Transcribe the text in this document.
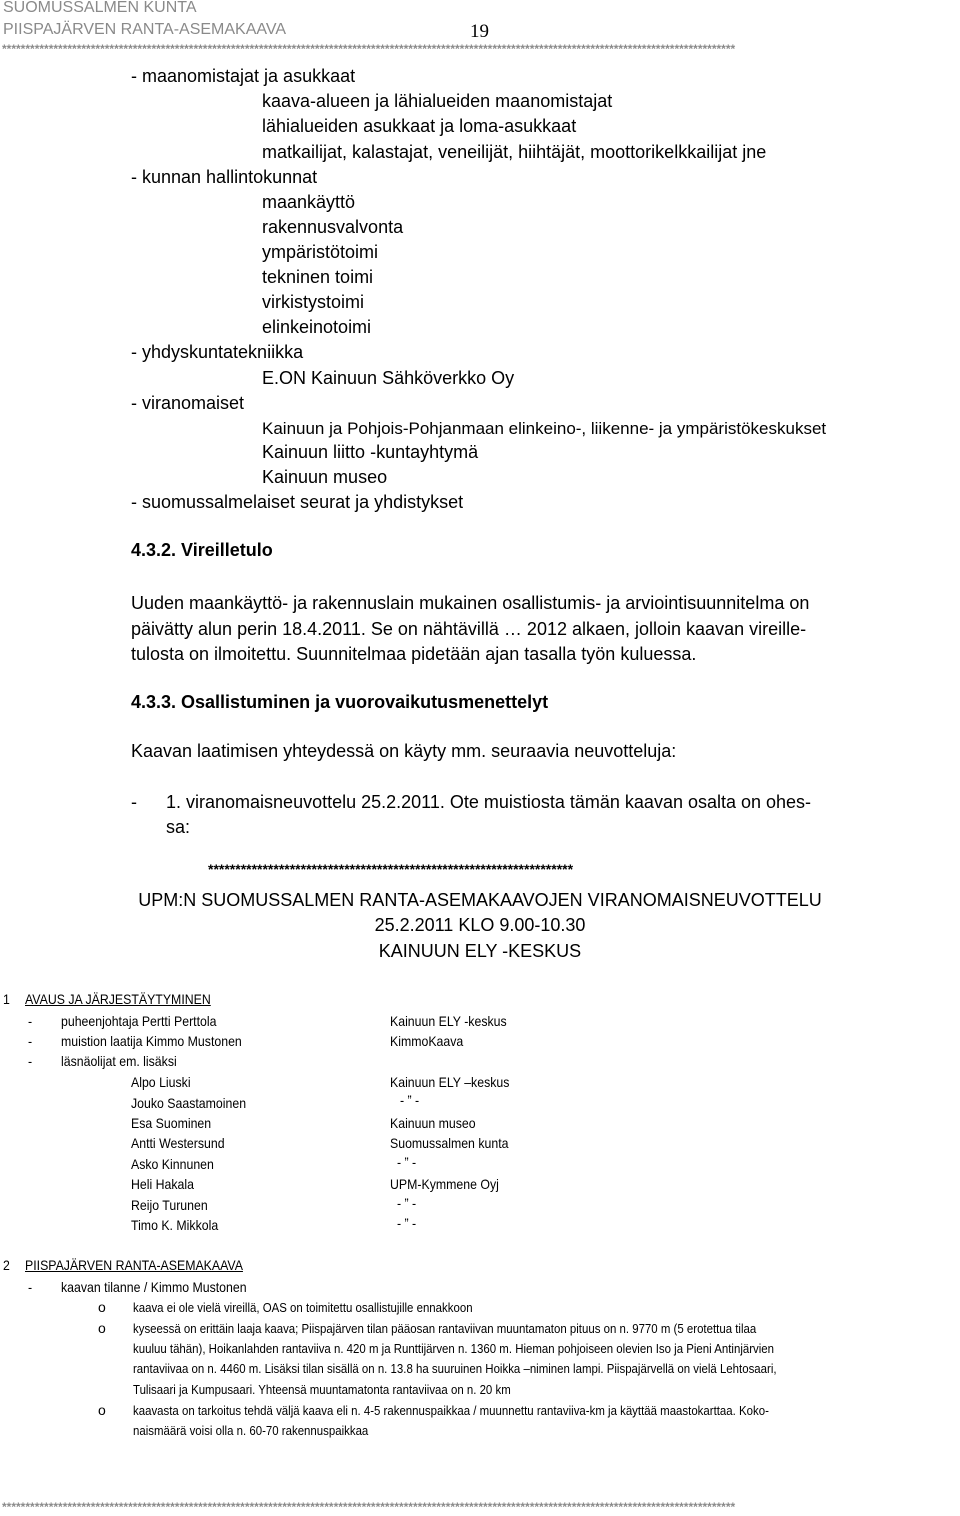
SUOMUSSALMEN KUNTA
PIISPAJÄRVEN RANTA-ASEMAKAAVA	19
*************************************************************************************************************************************************************
- maanomistajat ja asukkaat
kaava-alueen ja lähialueiden maanomistajat
lähialueiden asukkaat ja loma-asukkaat
matkailijat, kalastajat, veneilijät, hiihtäjät, moottorikelkkailijat jne
- kunnan hallintokunnat
maankäyttö
rakennusvalvonta
ympäristötoimi
tekninen toimi
virkistystoimi
elinkeinotoimi
- yhdyskuntatekniikka
E.ON Kainuun Sähköverkko Oy
- viranomaiset
Kainuun ja Pohjois-Pohjanmaan elinkeino-, liikenne- ja ympäristökeskukset
Kainuun liitto -kuntayhtymä
Kainuun museo
- suomussalmelaiset seurat ja yhdistykset
4.3.2. Vireilletulo
Uuden maankäyttö- ja rakennuslain mukainen osallistumis- ja arviointisuunnitelma on
päivätty alun perin 18.4.2011. Se on nähtävillä … 2012 alkaen, jolloin kaavan vireille-
tulosta on ilmoitettu. Suunnitelmaa pidetään ajan tasalla työn kuluessa.
4.3.3. Osallistuminen ja vuorovaikutusmenettelyt
Kaavan laatimisen yhteydessä on käyty mm. seuraavia neuvotteluja:
- 1. viranomaisneuvottelu 25.2.2011. Ote muistiosta tämän kaavan osalta on ohes-
sa:
*******************************************************************
UPM:N SUOMUSSALMEN RANTA-ASEMAKAAVOJEN VIRANOMAISNEUVOTTELU
25.2.2011 KLO 9.00-10.30
KAINUUN ELY -KESKUS
1 AVAUS JA JÄRJESTÄYTYMINEN
- puheenjohtaja Pertti Perttola	Kainuun ELY -keskus
- muistion laatija Kimmo Mustonen	KimmoKaava
- läsnäolijat em. lisäksi
Alpo Liuski	Kainuun ELY –keskus
Jouko Saastamoinen	- ” -
Esa Suominen	Kainuun museo
Antti Westersund	Suomussalmen kunta
Asko Kinnunen	- ” -
Heli Hakala	UPM-Kymmene Oyj
Reijo Turunen	- ” -
Timo K. Mikkola	- ” -
2 PIISPAJÄRVEN RANTA-ASEMAKAAVA
- kaavan tilanne / Kimmo Mustonen
o kaava ei ole vielä vireillä, OAS on toimitettu osallistujille ennakkoon
o kyseessä on erittäin laaja kaava; Piispajärven tilan pääosan rantaviivan muuntamaton pituus on n. 9770 m (5 erotettua tilaa
kuuluu tähän), Hoikanlahden rantaviiva n. 420 m ja Runttijärven n. 1360 m. Hieman pohjoiseen olevien Iso ja Pieni Antinjärvien
rantaviivaa on n. 4460 m. Lisäksi tilan sisällä on n. 13.8 ha suuruinen Hoikka –niminen lampi. Piispajärvellä on vielä Lehtosaari,
Tulisaari ja Kumpusaari. Yhteensä muuntamatonta rantaviivaa on n. 20 km
o kaavasta on tarkoitus tehdä väljä kaava eli n. 4-5 rakennuspaikkaa / muunnettu rantaviiva-km ja käyttää maastokarttaa. Koko-
naismäärä voisi olla n. 60-70 rakennuspaikkaa
*************************************************************************************************************************************************************
